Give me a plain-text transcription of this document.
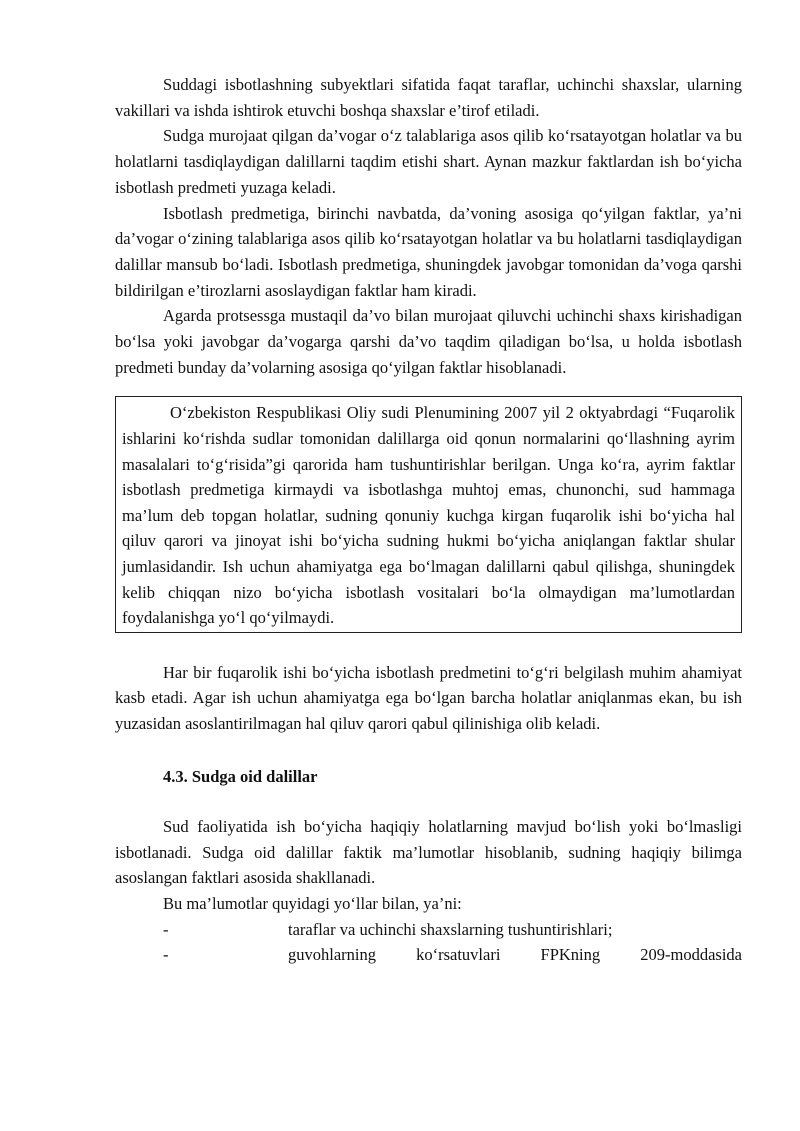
Suddagi isbotlashning subyektlari sifatida faqat taraflar, uchinchi shaxslar, ularning vakillari va ishda ishtirok etuvchi boshqa shaxslar e’tirof etiladi.

Sudga murojaat qilgan da’vogar o‘z talablariga asos qilib ko‘rsatayotgan holatlar va bu holatlarni tasdiqlaydigan dalillarni taqdim etishi shart. Aynan mazkur faktlardan ish bo‘yicha isbotlash predmeti yuzaga keladi.

Isbotlash predmetiga, birinchi navbatda, da’voning asosiga qo‘yilgan faktlar, ya’ni da’vogar o‘zining talablariga asos qilib ko‘rsatayotgan holatlar va bu holatlarni tasdiqlaydigan dalillar mansub bo‘ladi. Isbotlash predmetiga, shuningdek javobgar tomonidan da’voga qarshi bildirilgan e’tirozlarni asoslaydigan faktlar ham kiradi.

Agarda protsessga mustaqil da’vo bilan murojaat qiluvchi uchinchi shaxs kirishadigan bo‘lsa yoki javobgar da’vogarga qarshi da’vo taqdim qiladigan bo‘lsa, u holda isbotlash predmeti bunday da’volarning asosiga qo‘yilgan faktlar hisoblanadi.

O‘zbekiston Respublikasi Oliy sudi Plenumining 2007 yil 2 oktyabrdagi “Fuqarolik ishlarini ko‘rishda sudlar tomonidan dalillarga oid qonun normalarini qo‘llashning ayrim masalalari to‘g‘risida”gi qarorida ham tushuntirishlar berilgan. Unga ko‘ra, ayrim faktlar isbotlash predmetiga kirmaydi va isbotlashga muhtoj emas, chunonchi, sud hammaga ma’lum deb topgan holatlar, sudning qonuniy kuchga kirgan fuqarolik ishi bo‘yicha hal qiluv qarori va jinoyat ishi bo‘yicha sudning hukmi bo‘yicha aniqlangan faktlar shular jumlasidandir. Ish uchun ahamiyatga ega bo‘lmagan dalillarni qabul qilishga, shuningdek kelib chiqqan nizo bo‘yicha isbotlash vositalari bo‘la olmaydigan ma’lumotlardan foydalanishga yo‘l qo‘yilmaydi.

Har bir fuqarolik ishi bo‘yicha isbotlash predmetini to‘g‘ri belgilash muhim ahamiyat kasb etadi. Agar ish uchun ahamiyatga ega bo‘lgan barcha holatlar aniqlanmas ekan, bu ish yuzasidan asoslantirilmagan hal qiluv qarori qabul qilinishiga olib keladi.

4.3. Sudga oid dalillar

Sud faoliyatida ish bo‘yicha haqiqiy holatlarning mavjud bo‘lish yoki bo‘lmasligi isbotlanadi. Sudga oid dalillar faktik ma’lumotlar hisoblanib, sudning haqiqiy bilimga asoslangan faktlari asosida shakllanadi.

Bu ma’lumotlar quyidagi yo‘llar bilan, ya’ni:

-	taraflar va uchinchi shaxslarning tushuntirishlari;
-	guvohlarning ko‘rsatuvlari FPKning 209-moddasida
